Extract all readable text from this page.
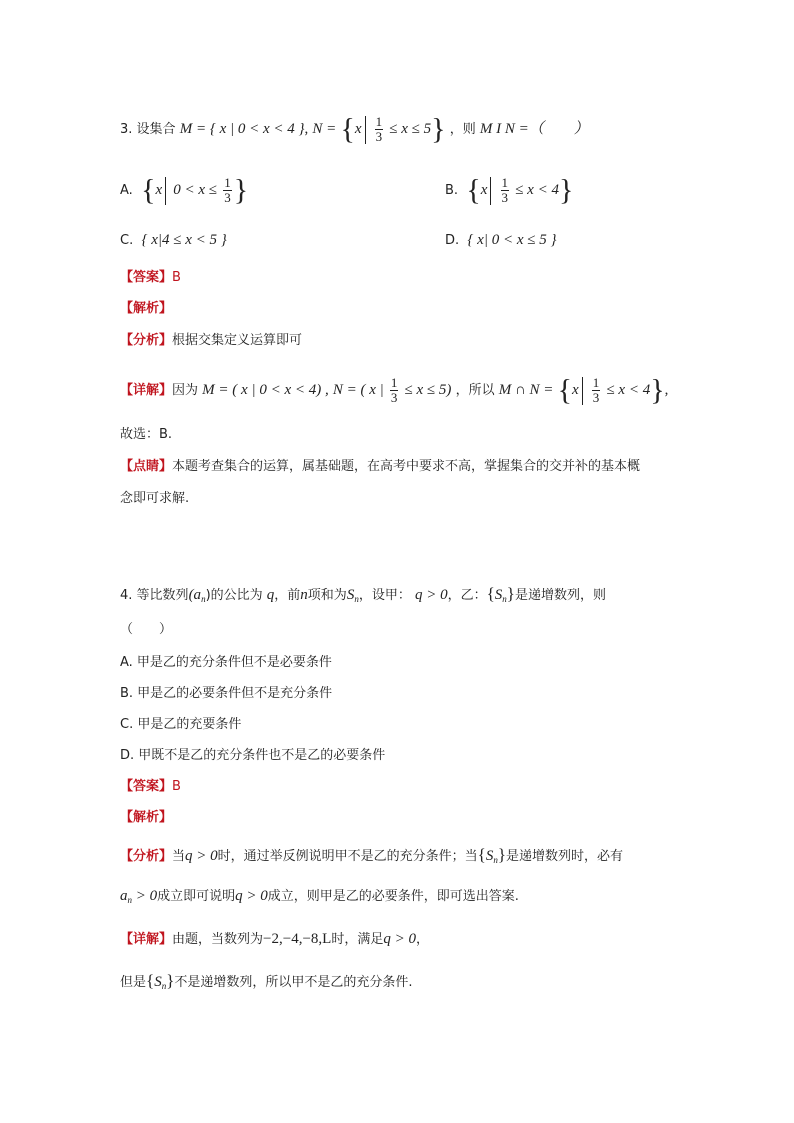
3. 设集合 M = { x | 0 < x < 4 }, $N = \{x \frac{1}{3} \le x \le 5\}$ ，则 M I N =（　　）
A. {x $0 < x \le \frac{1}{3}$ }	B. $\{x \frac{1}{3} \le x < 4\}$
C. { x|4 ≤ x < 5 }	D. { x| 0 < x ≤ 5 }
【答案】B
【解析】
【分析】根据交集定义运算即可
【详解】因为 M = ( x | 0 < x < 4) , N = ( x | $\frac{1}{3} \le x \le 5$) ，所以 M ∩ $N = \{x \frac{1}{3} \le x < 4\}$,
故选：B.
【点睛】本题考查集合的运算，属基础题，在高考中要求不高，掌握集合的交并补的基本概
念即可求解.
4. 等比数列$(a_n)$的公比为 q，前n项和为$S_n$，设甲： q > 0，乙：$\{S_n\}$是递增数列，则
（　　）
A. 甲是乙的充分条件但不是必要条件
B. 甲是乙的必要条件但不是充分条件
C. 甲是乙的充要条件
D. 甲既不是乙的充分条件也不是乙的必要条件
【答案】B
【解析】
【分析】当q > 0时，通过举反例说明甲不是乙的充分条件；当$\{S_n\}$是递增数列时，必有
$a_n > 0$成立即可说明q > 0成立，则甲是乙的必要条件，即可选出答案.
【详解】由题，当数列为−2,−4,−8,L时，满足q > 0，
但是$\{S_n\}$不是递增数列，所以甲不是乙的充分条件.
